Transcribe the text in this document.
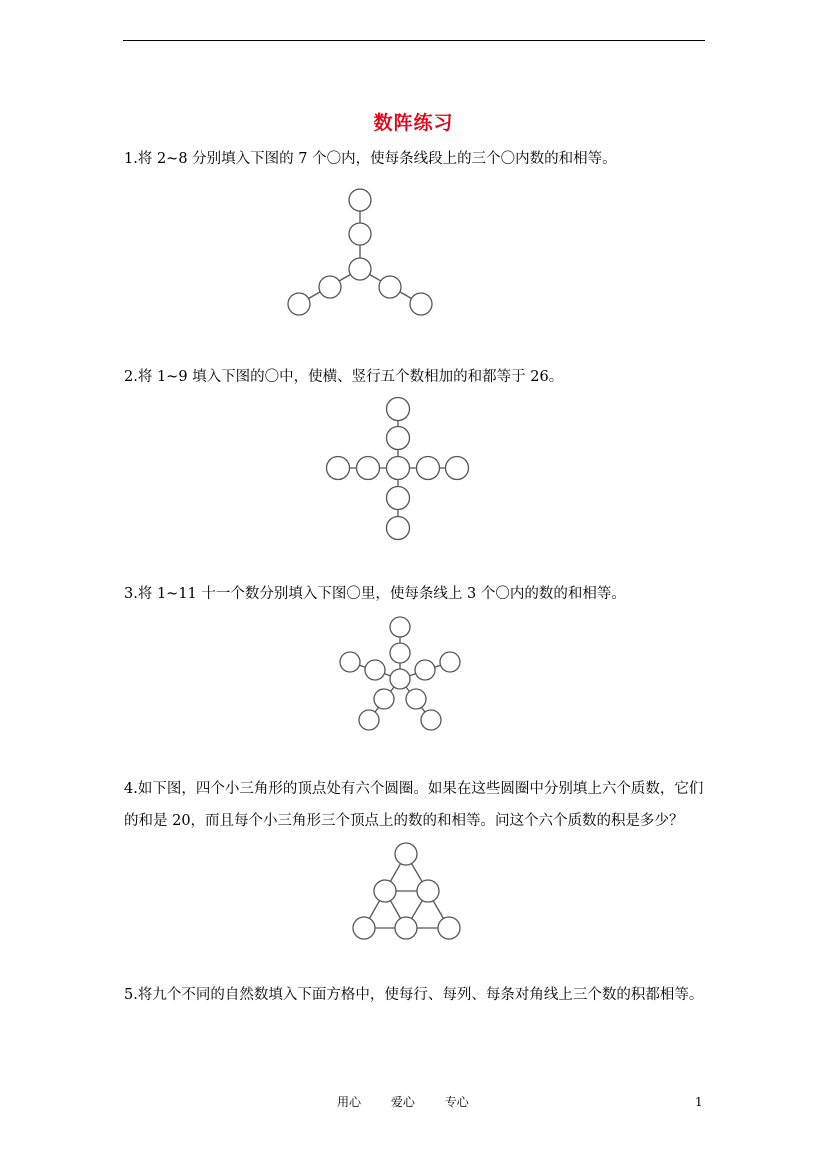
数阵练习
1.将 2~8 分别填入下图的 7 个〇内，使每条线段上的三个〇内数的和相等。
2.将 1~9 填入下图的〇中，使横、竖行五个数相加的和都等于 26。
3.将 1~11 十一个数分别填入下图〇里，使每条线上 3 个〇内的数的和相等。
4.如下图，四个小三角形的顶点处有六个圆圈。如果在这些圆圈中分别填上六个质数，它们的和是 20，而且每个小三角形三个顶点上的数的和相等。问这个六个质数的积是多少？
5.将九个不同的自然数填入下面方格中，使每行、每列、每条对角线上三个数的积都相等。
用心 爱心 专心	1
